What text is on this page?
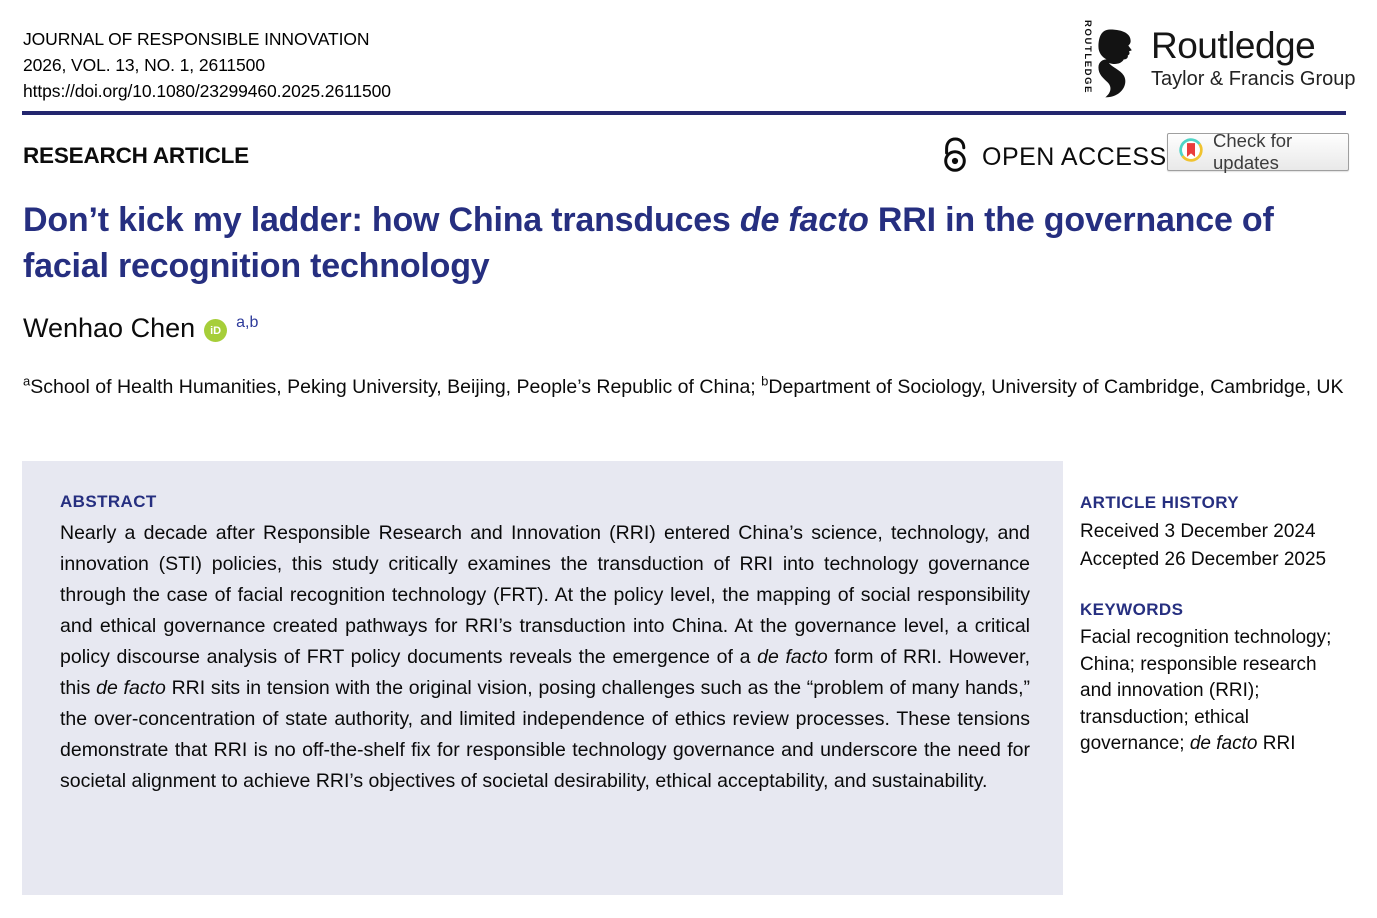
JOURNAL OF RESPONSIBLE INNOVATION
2026, VOL. 13, NO. 1, 2611500
https://doi.org/10.1080/23299460.2025.2611500	ROUTLEDGE Routledge
Taylor & Francis Group
RESEARCH ARTICLE	OPEN ACCESS
Check for updates
Don’t kick my ladder: how China transduces de facto RRI in the governance of facial recognition technology
Wenhao Chen	iD a,b

$^a$School of Health Humanities, Peking University, Beijing, People’s Republic of China; $^b$Department of Sociology, University of Cambridge, Cambridge, UK

ABSTRACT

Nearly a decade after Responsible Research and Innovation (RRI) entered China’s science, technology, and innovation (STI) policies, this study critically examines the transduction of RRI into technology governance through the case of facial recognition technology (FRT). At the policy level, the mapping of social responsibility and ethical governance created pathways for RRI’s transduction into China. At the governance level, a critical policy discourse analysis of FRT policy documents reveals the emergence of a de facto form of RRI. However, this de facto RRI sits in tension with the original vision, posing challenges such as the “problem of many hands,” the over-concentration of state authority, and limited independence of ethics review processes. These tensions demonstrate that RRI is no off-the-shelf fix for responsible technology governance and underscore the need for societal alignment to achieve RRI’s objectives of societal desirability, ethical acceptability, and sustainability.

ARTICLE HISTORY
Received 3 December 2024
Accepted 26 December 2025
KEYWORDS

Facial recognition technology; China; responsible research and innovation (RRI); transduction; ethical governance; de facto RRI
